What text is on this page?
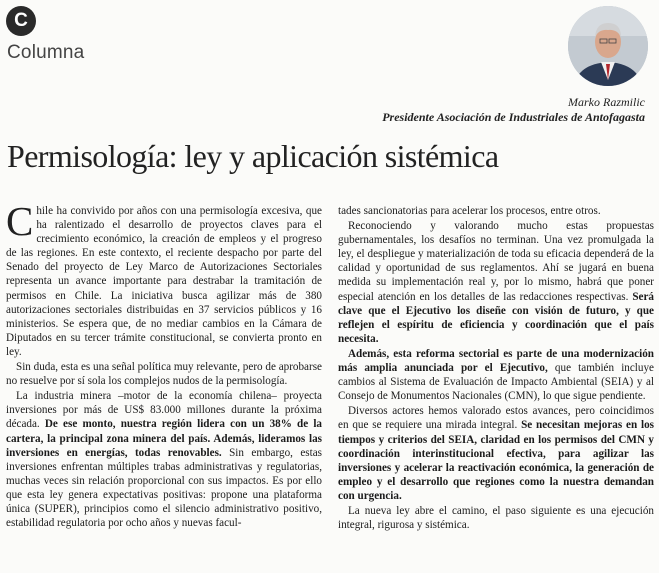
C
Columna
Marko Razmilic
Presidente Asociación de Industriales de Antofagasta
Permisología: ley y aplicación sistémica

Chile ha convivido por años con una permisología excesiva, que ha ralentizado el desarrollo de proyectos claves para el crecimiento económico, la creación de empleos y el progreso de las regiones. En este contexto, el reciente despacho por parte del Senado del proyecto de Ley Marco de Autorizaciones Sectoriales representa un avance importante para destrabar la tramitación de permisos en Chile. La iniciativa busca agilizar más de 380 autorizaciones sectoriales distribuidas en 37 servicios públicos y 16 ministerios. Se espera que, de no mediar cambios en la Cámara de Diputados en su tercer trámite constitucional, se convierta pronto en ley.

Sin duda, esta es una señal política muy relevante, pero de aprobarse no resuelve por sí sola los complejos nudos de la permisología.

La industria minera –motor de la economía chilena– proyecta inversiones por más de US$ 83.000 millones durante la próxima década. De ese monto, nuestra región lidera con un 38% de la cartera, la principal zona minera del país. Además, lideramos las inversiones en energías, todas renovables. Sin embargo, estas inversiones enfrentan múltiples trabas administrativas y regulatorias, muchas veces sin relación proporcional con sus impactos. Es por ello que esta ley genera expectativas positivas: propone una plataforma única (SUPER), principios como el silencio administrativo positivo, estabilidad regulatoria por ocho años y nuevas facul-

tades sancionatorias para acelerar los procesos, entre otros.

Reconociendo y valorando mucho estas propuestas gubernamentales, los desafíos no terminan. Una vez promulgada la ley, el despliegue y materialización de toda su eficacia dependerá de la calidad y oportunidad de sus reglamentos. Ahí se jugará en buena medida su implementación real y, por lo mismo, habrá que poner especial atención en los detalles de las redacciones respectivas. Será clave que el Ejecutivo los diseñe con visión de futuro, y que reflejen el espíritu de eficiencia y coordinación que el país necesita.

Además, esta reforma sectorial es parte de una modernización más amplia anunciada por el Ejecutivo, que también incluye cambios al Sistema de Evaluación de Impacto Ambiental (SEIA) y al Consejo de Monumentos Nacionales (CMN), lo que sigue pendiente.

Diversos actores hemos valorado estos avances, pero coincidimos en que se requiere una mirada integral. Se necesitan mejoras en los tiempos y criterios del SEIA, claridad en los permisos del CMN y coordinación interinstitucional efectiva, para agilizar las inversiones y acelerar la reactivación económica, la generación de empleo y el desarrollo que regiones como la nuestra demandan con urgencia.

La nueva ley abre el camino, el paso siguiente es una ejecución integral, rigurosa y sistémica.
